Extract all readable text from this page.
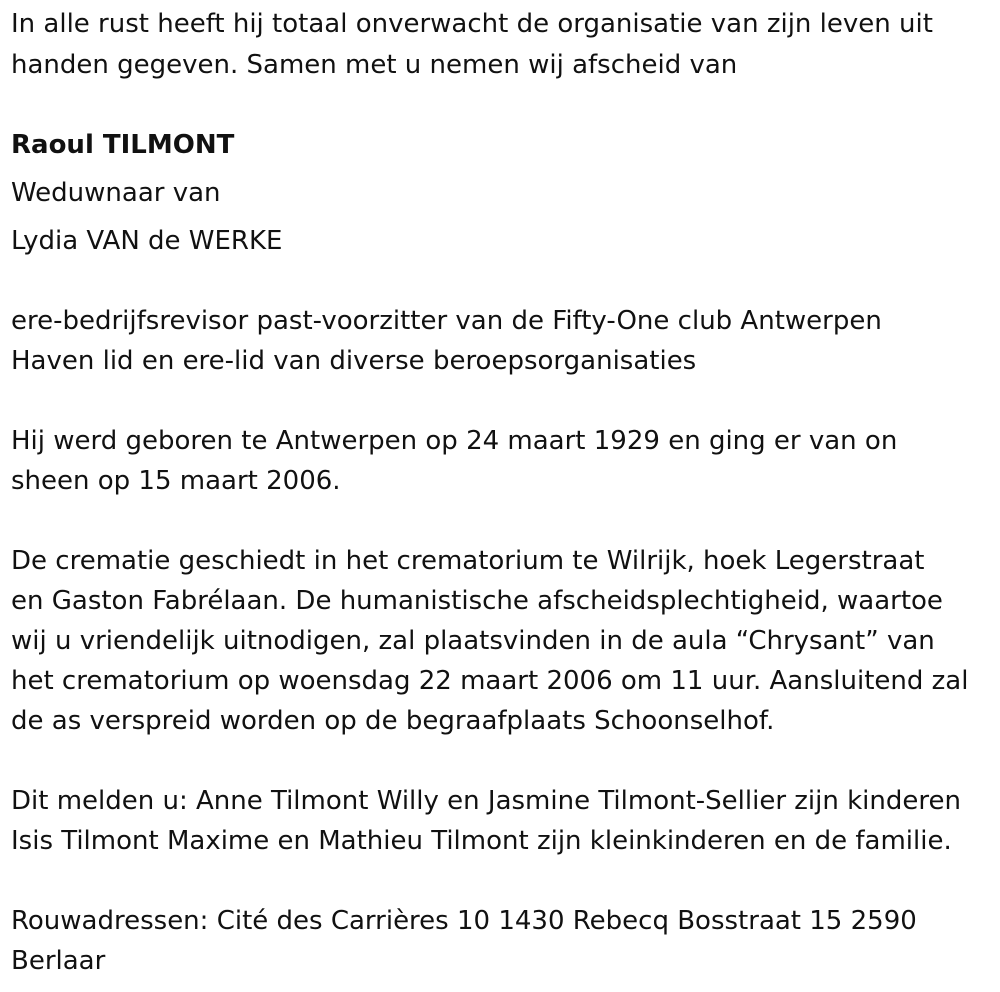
In alle rust heeft hij totaal onverwacht de organisatie van zijn leven uit

handen gegeven. Samen met u nemen wij afscheid van

Raoul TILMONT

Weduwnaar van

Lydia VAN de WERKE

ere-bedrijfsrevisor past-voorzitter van de Fifty-One club Antwerpen

Haven lid en ere-lid van diverse beroepsorganisaties

Hij werd geboren te Antwerpen op 24 maart 1929 en ging er van on

sheen op 15 maart 2006.

De crematie geschiedt in het crematorium te Wilrijk, hoek Legerstraat

en Gaston Fabrélaan. De humanistische afscheidsplechtigheid, waartoe

wij u vriendelijk uitnodigen, zal plaatsvinden in de aula “Chrysant” van

het crematorium op woensdag 22 maart 2006 om 11 uur. Aansluitend zal

de as verspreid worden op de begraafplaats Schoonselhof.

Dit melden u: Anne Tilmont Willy en Jasmine Tilmont-Sellier zijn kinderen

Isis Tilmont Maxime en Mathieu Tilmont zijn kleinkinderen en de familie.

Rouwadressen: Cité des Carrières 10 1430 Rebecq Bosstraat 15 2590

Berlaar
